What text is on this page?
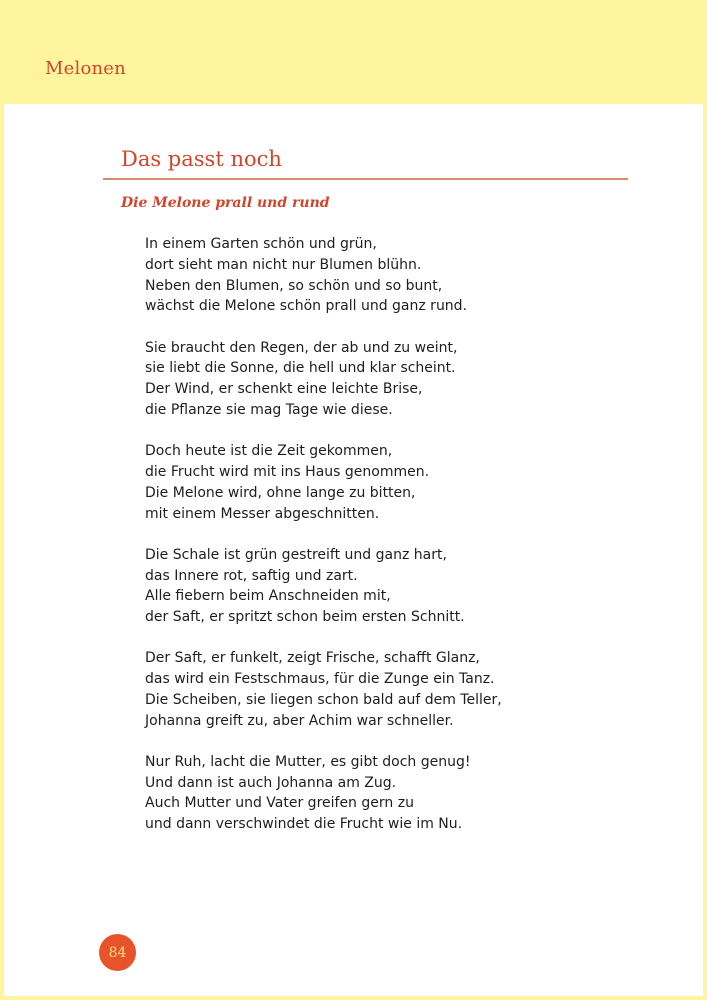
Melonen
Das passt noch
Die Melone prall und rund
In einem Garten schön und grün,
dort sieht man nicht nur Blumen blühn.
Neben den Blumen, so schön und so bunt,
wächst die Melone schön prall und ganz rund.
Sie braucht den Regen, der ab und zu weint,
sie liebt die Sonne, die hell und klar scheint.
Der Wind, er schenkt eine leichte Brise,
die Pflanze sie mag Tage wie diese.
Doch heute ist die Zeit gekommen,
die Frucht wird mit ins Haus genommen.
Die Melone wird, ohne lange zu bitten,
mit einem Messer abgeschnitten.
Die Schale ist grün gestreift und ganz hart,
das Innere rot, saftig und zart.
Alle fiebern beim Anschneiden mit,
der Saft, er spritzt schon beim ersten Schnitt.
Der Saft, er funkelt, zeigt Frische, schafft Glanz,
das wird ein Festschmaus, für die Zunge ein Tanz.
Die Scheiben, sie liegen schon bald auf dem Teller,
Johanna greift zu, aber Achim war schneller.
Nur Ruh, lacht die Mutter, es gibt doch genug!
Und dann ist auch Johanna am Zug.
Auch Mutter und Vater greifen gern zu
und dann verschwindet die Frucht wie im Nu.
84
